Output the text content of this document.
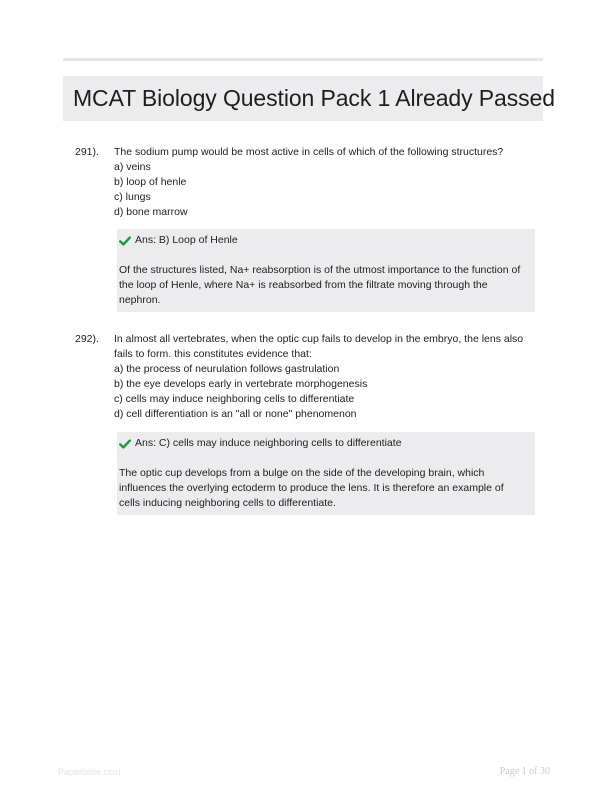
MCAT Biology Question Pack 1 Already Passed
291). The sodium pump would be most active in cells of which of the following structures?

a) veins
b) loop of henle
c) lungs
d) bone marrow
Ans: B) Loop of Henle

Of the structures listed, Na+ reabsorption is of the utmost importance to the function of the loop of Henle, where Na+ is reabsorbed from the filtrate moving through the nephron.

292). In almost all vertebrates, when the optic cup fails to develop in the embryo, the lens also fails to form. this constitutes evidence that:

a) the process of neurulation follows gastrulation
b) the eye develops early in vertebrate morphogenesis
c) cells may induce neighboring cells to differentiate
d) cell differentiation is an "all or none" phenomenon
Ans: C) cells may induce neighboring cells to differentiate

The optic cup develops from a bulge on the side of the developing brain, which influences the overlying ectoderm to produce the lens. It is therefore an example of cells inducing neighboring cells to differentiate.

Paperbible.com	Page 1 of 30
